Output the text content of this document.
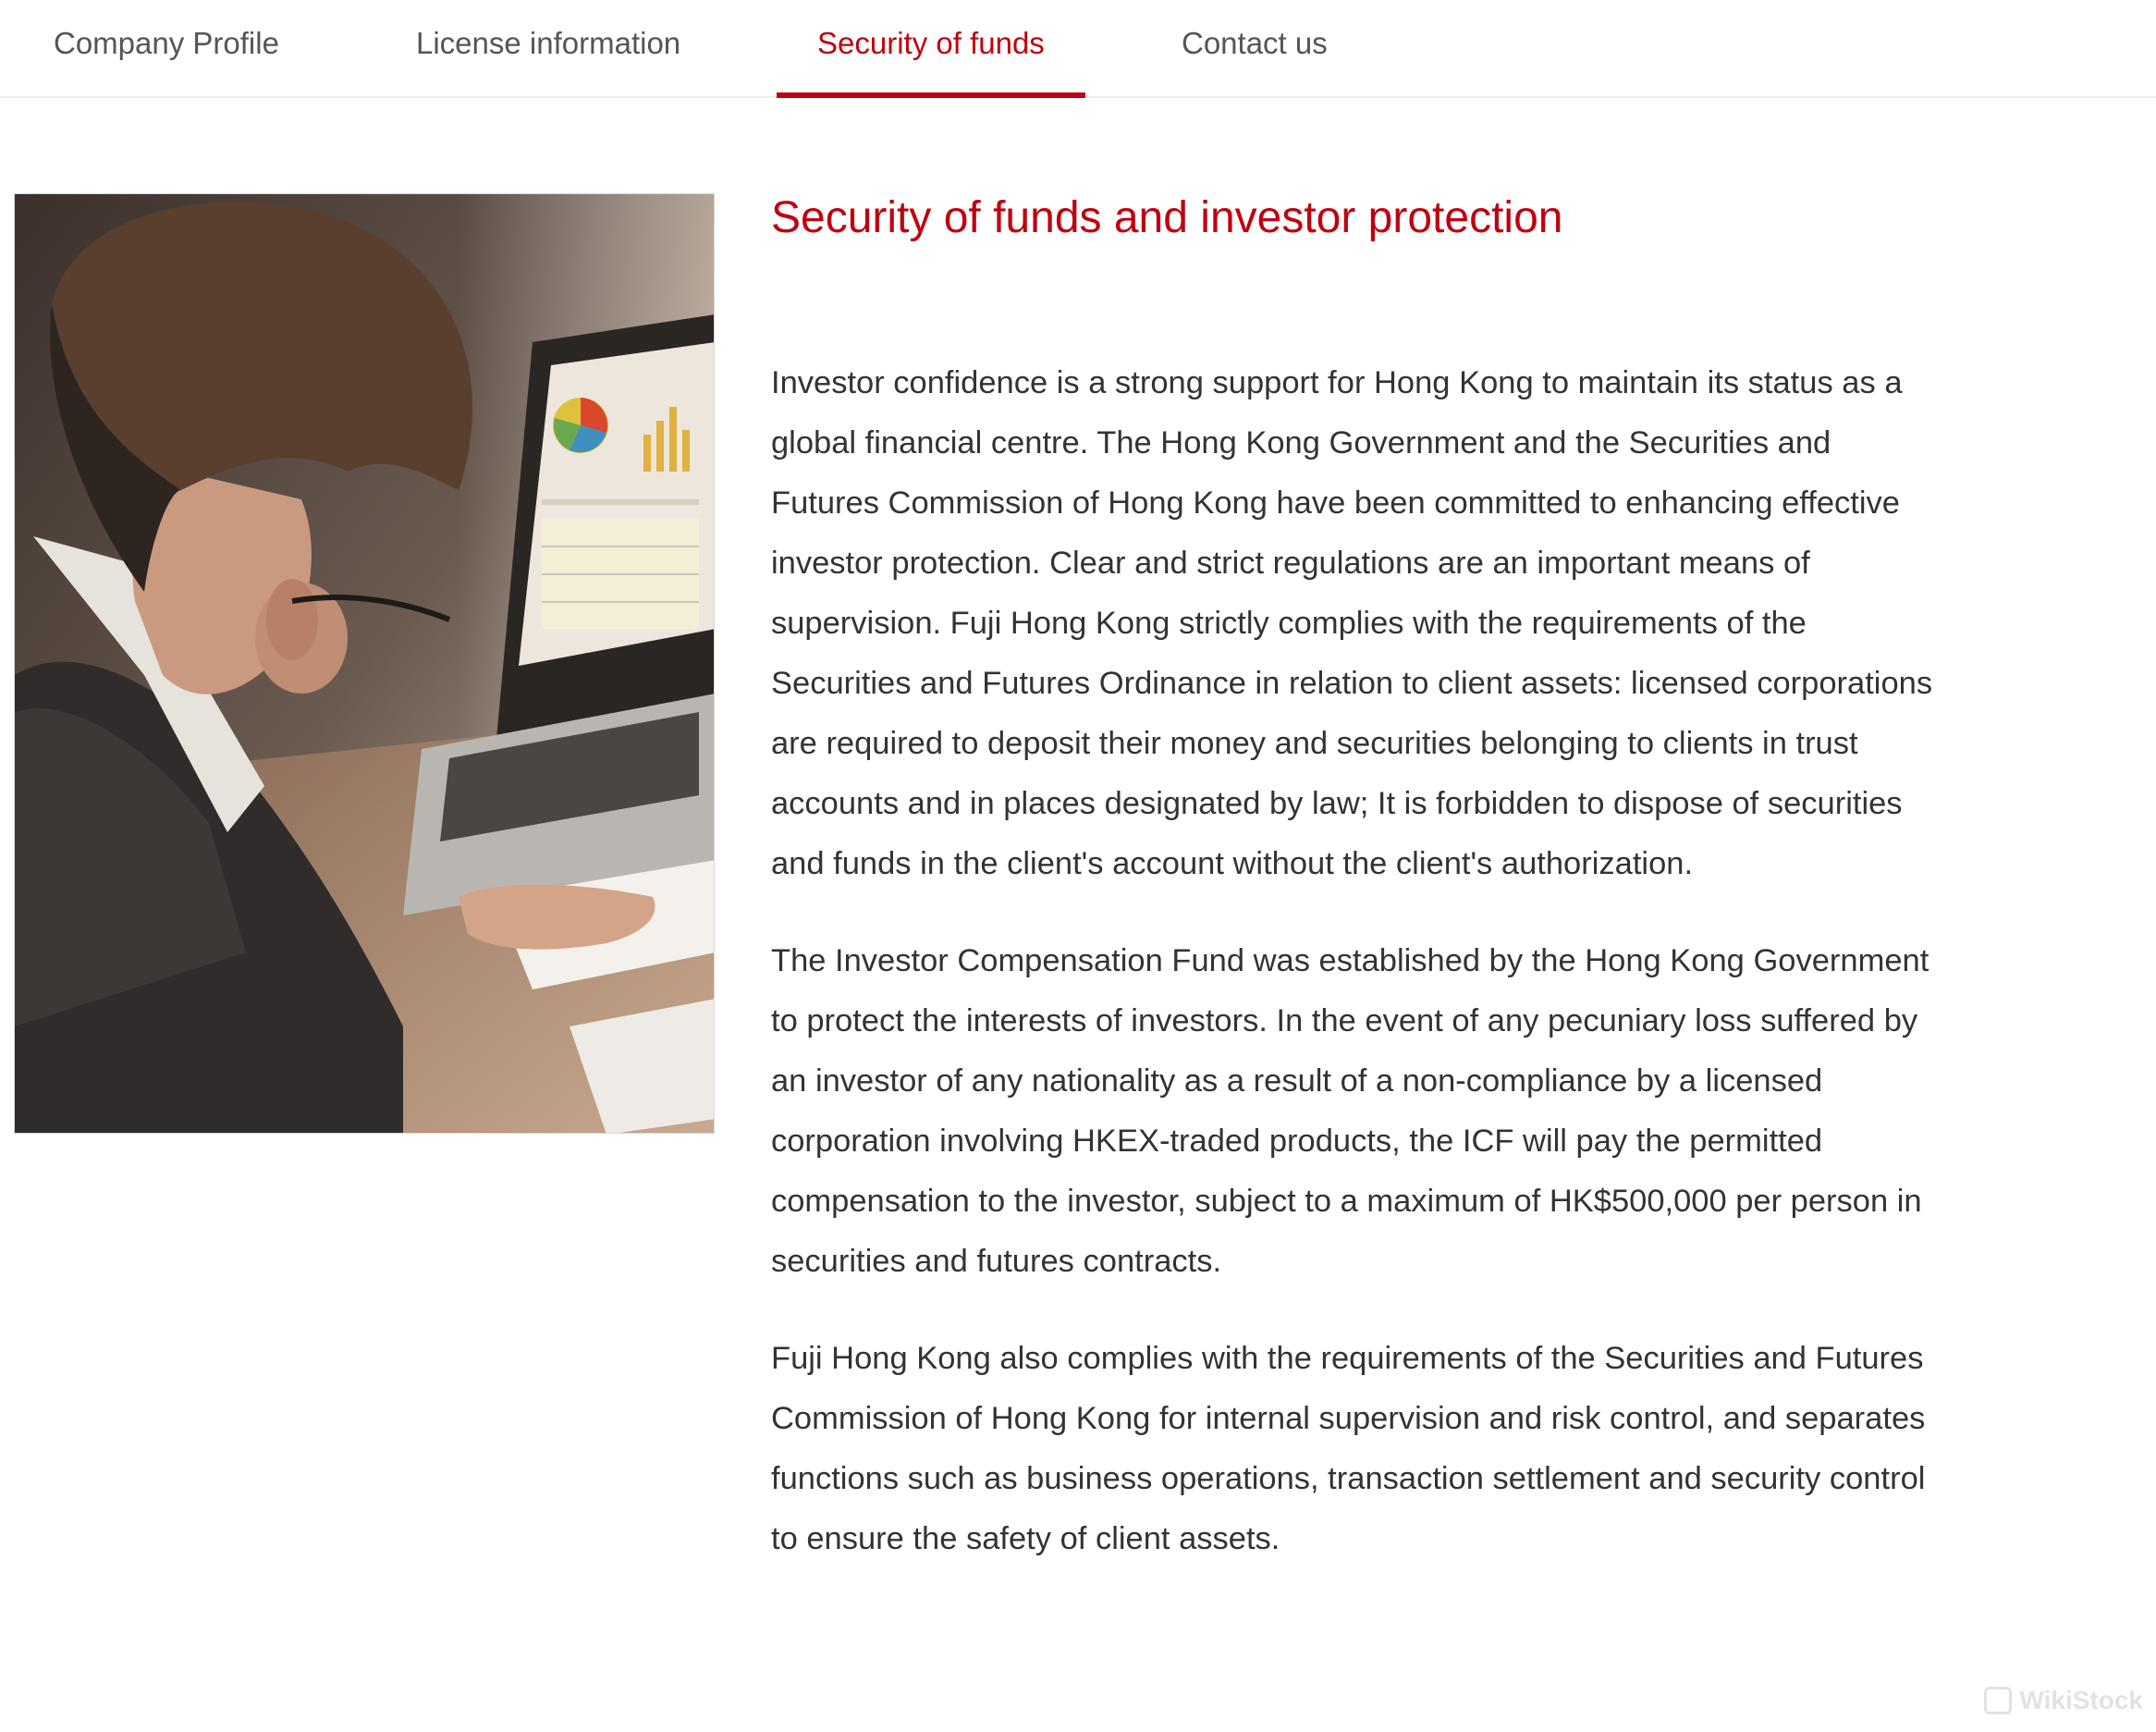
Company Profile	License information	Security of funds	Contact us
Security of funds and investor protection

Investor confidence is a strong support for Hong Kong to maintain its status as a global financial centre. The Hong Kong Government and the Securities and Futures Commission of Hong Kong have been committed to enhancing effective investor protection. Clear and strict regulations are an important means of supervision. Fuji Hong Kong strictly complies with the requirements of the Securities and Futures Ordinance in relation to client assets: licensed corporations are required to deposit their money and securities belonging to clients in trust accounts and in places designated by law; It is forbidden to dispose of securities and funds in the client's account without the client's authorization.

The Investor Compensation Fund was established by the Hong Kong Government to protect the interests of investors. In the event of any pecuniary loss suffered by an investor of any nationality as a result of a non-compliance by a licensed corporation involving HKEX-traded products, the ICF will pay the permitted compensation to the investor, subject to a maximum of HK$500,000 per person in securities and futures contracts.

Fuji Hong Kong also complies with the requirements of the Securities and Futures Commission of Hong Kong for internal supervision and risk control, and separates functions such as business operations, transaction settlement and security control to ensure the safety of client assets.

WikiStock
